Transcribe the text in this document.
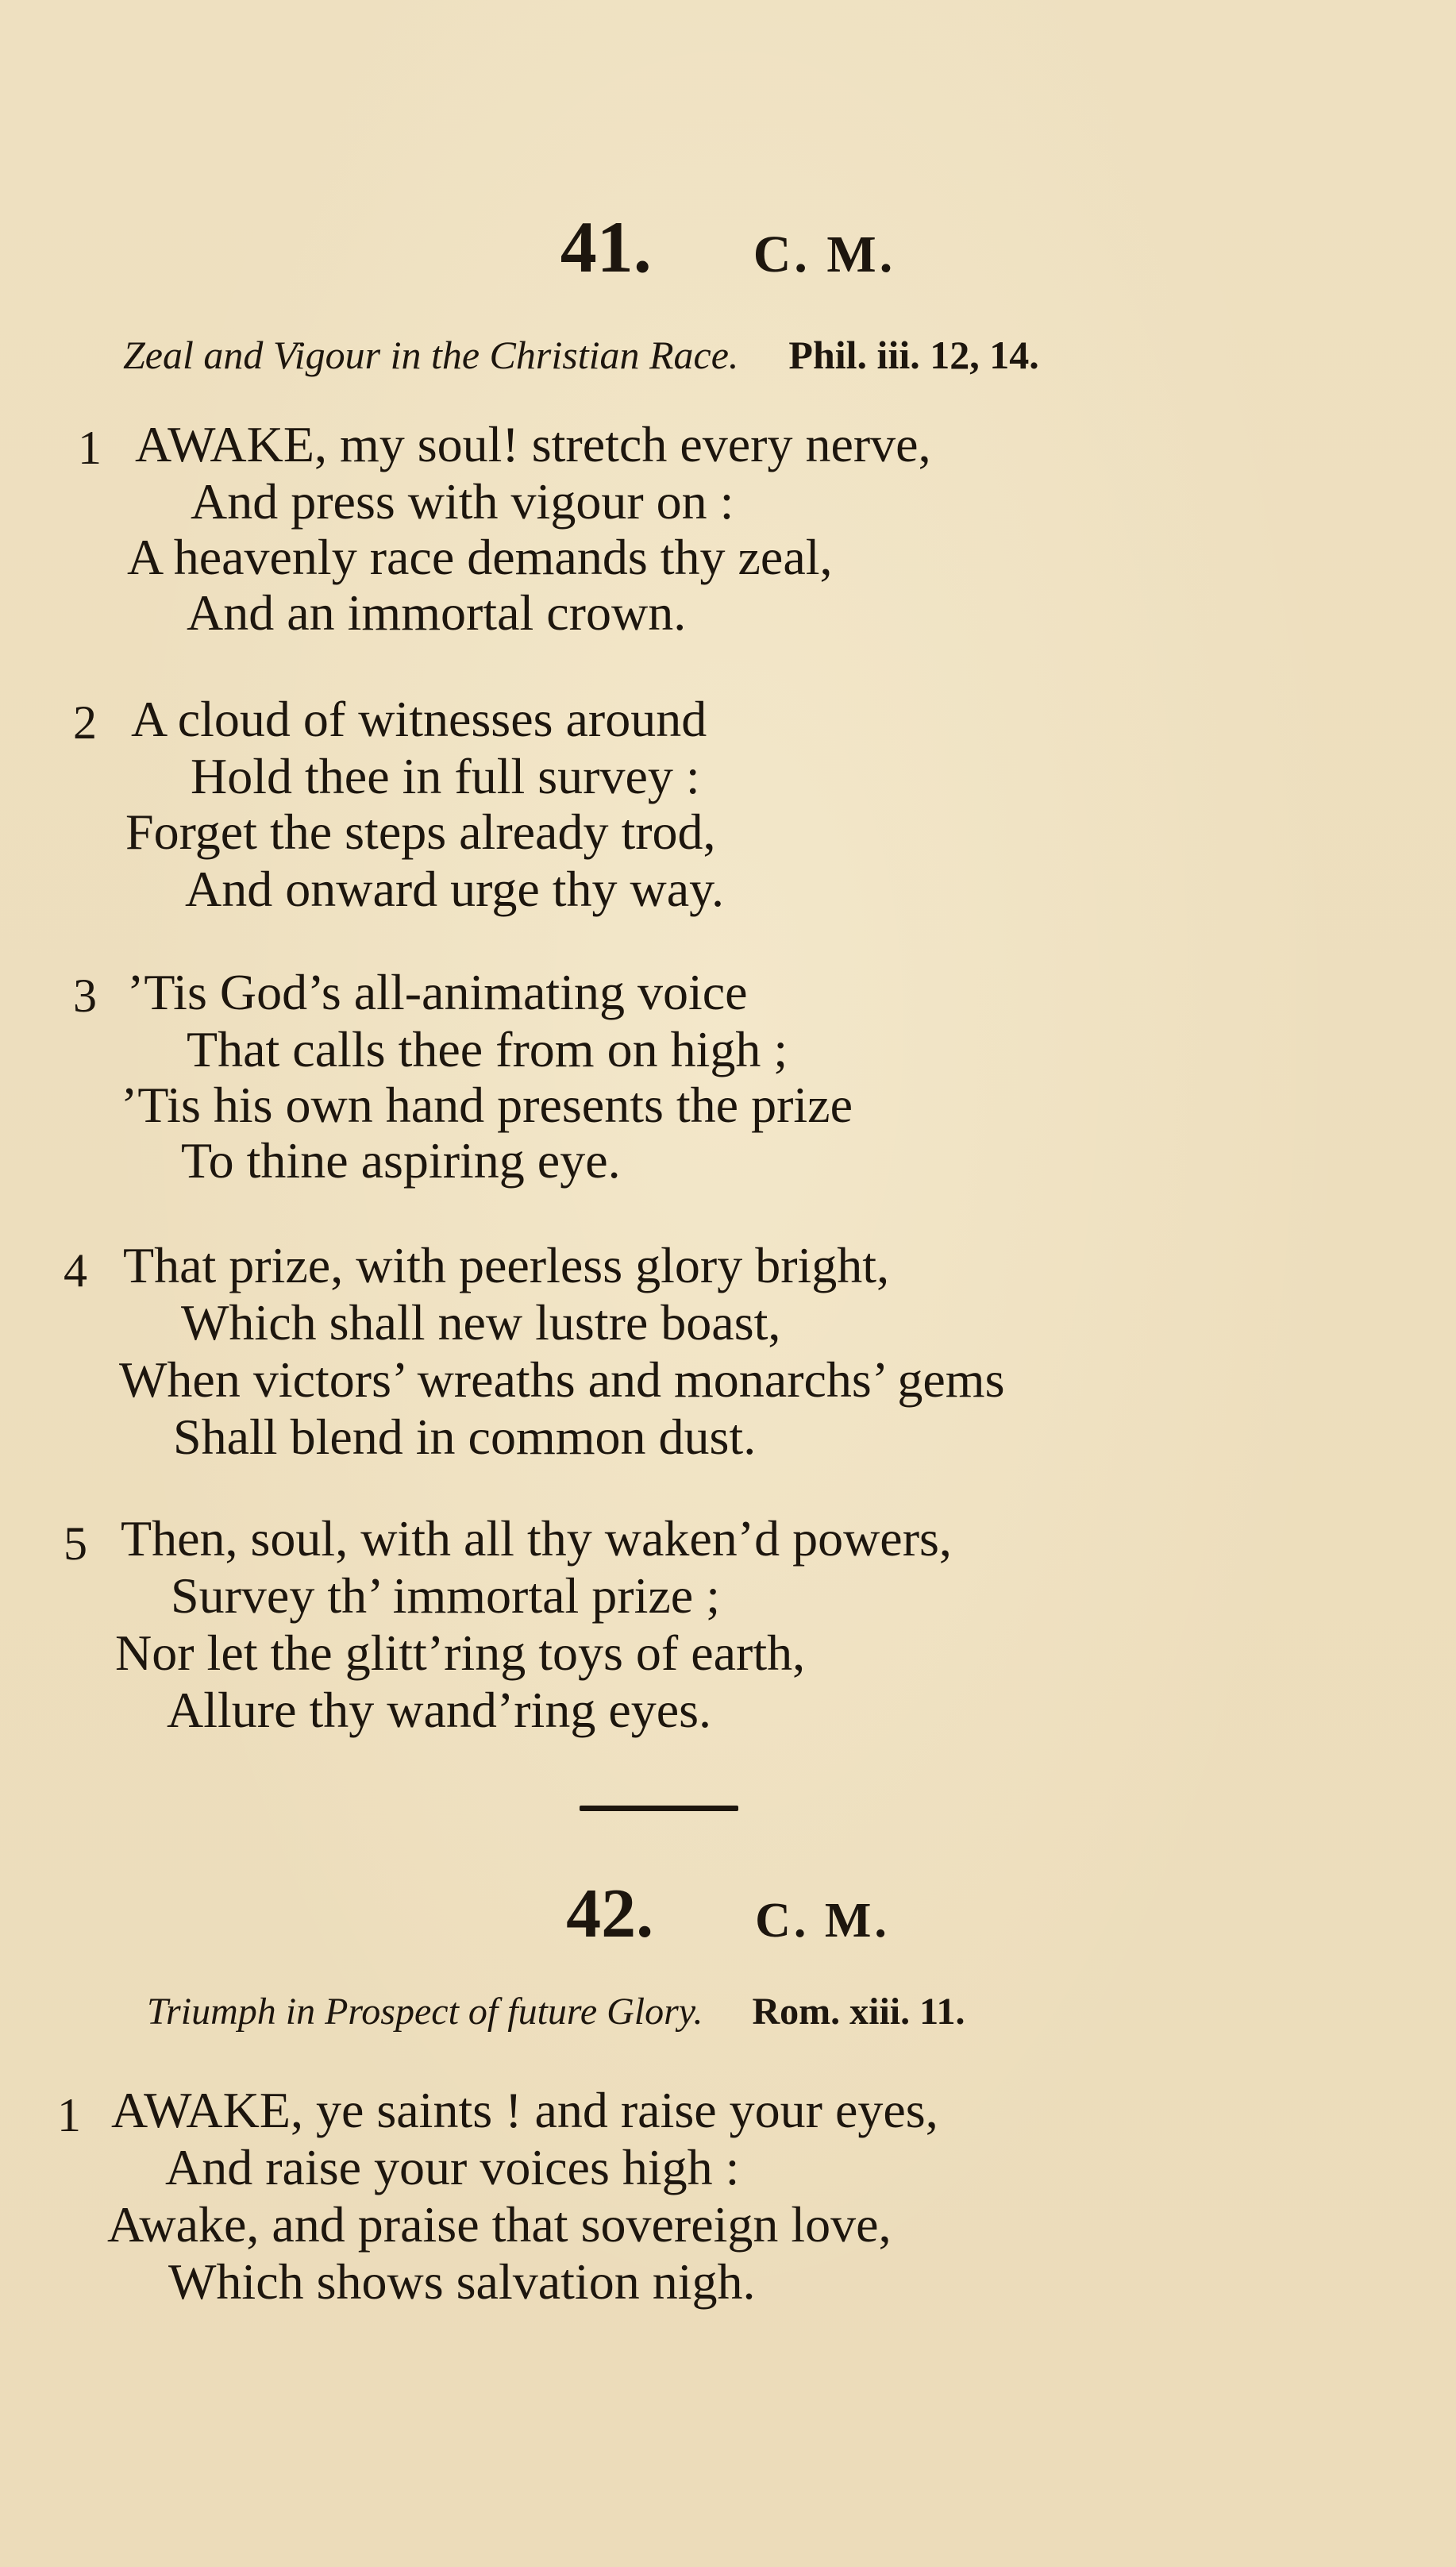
41. C. M.
Zeal and Vigour in the Christian Race. Phil. iii. 12, 14.
1 AWAKE, my soul! stretch every nerve,
And press with vigour on :
A heavenly race demands thy zeal,
And an immortal crown.
2 A cloud of witnesses around
Hold thee in full survey :
Forget the steps already trod,
And onward urge thy way.
3 ’Tis God’s all-animating voice
That calls thee from on high ;
’Tis his own hand presents the prize
To thine aspiring eye.
4 That prize, with peerless glory bright,
Which shall new lustre boast,
When victors’ wreaths and monarchs’ gems
Shall blend in common dust.
5 Then, soul, with all thy waken’d powers,
Survey th’ immortal prize ;
Nor let the glitt’ring toys of earth,
Allure thy wand’ring eyes.
42. C. M.
Triumph in Prospect of future Glory. Rom. xiii. 11.
1 AWAKE, ye saints ! and raise your eyes,
And raise your voices high :
Awake, and praise that sovereign love,
Which shows salvation nigh.
